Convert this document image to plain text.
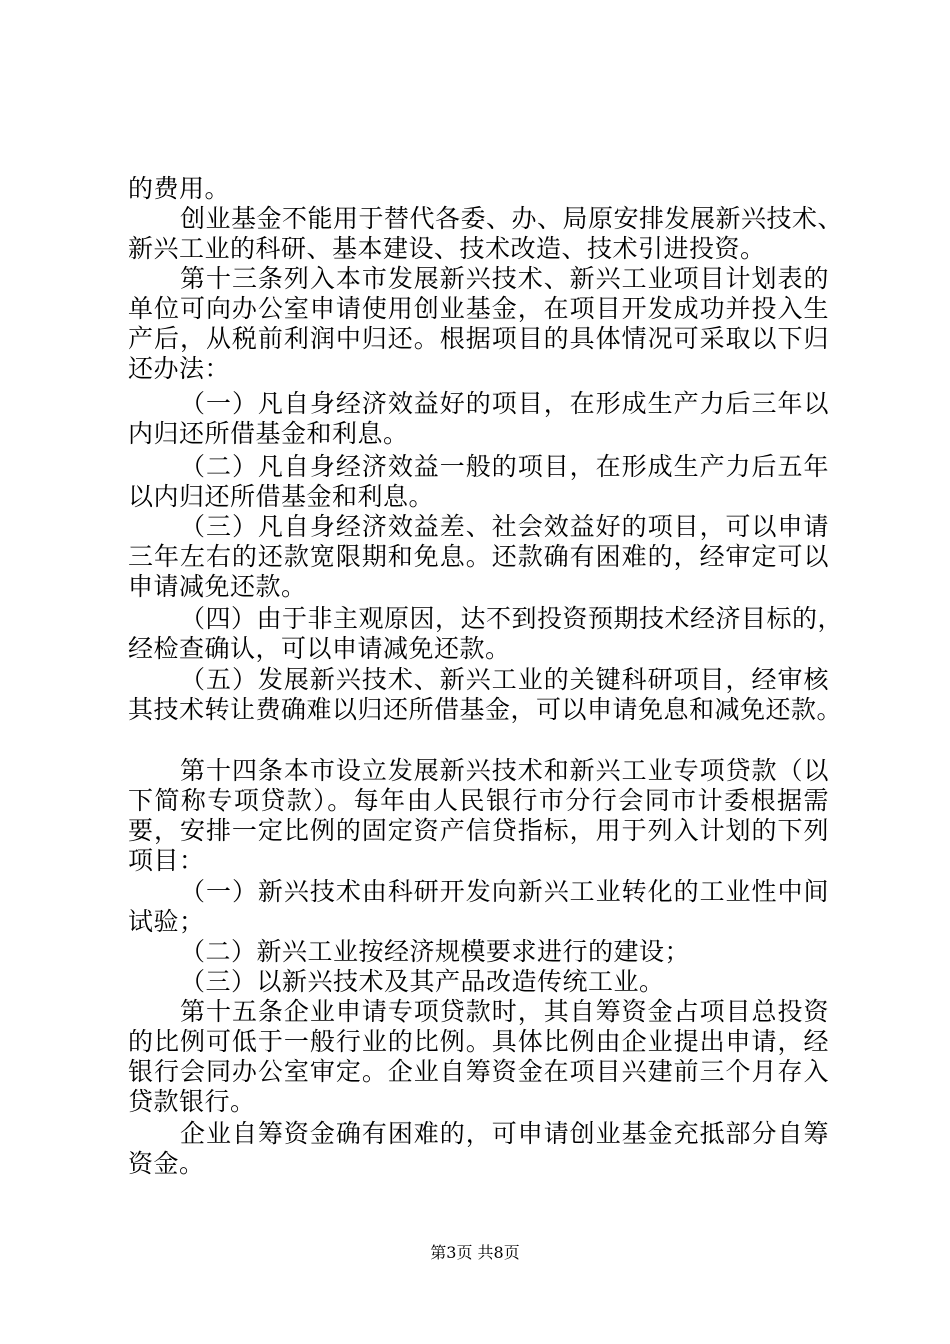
的费用。
创业基金不能用于替代各委、办、局原安排发展新兴技术、
新兴工业的科研、基本建设、技术改造、技术引进投资。
第十三条列入本市发展新兴技术、新兴工业项目计划表的
单位可向办公室申请使用创业基金，在项目开发成功并投入生
产后，从税前利润中归还。根据项目的具体情况可采取以下归
还办法：
（一）凡自身经济效益好的项目，在形成生产力后三年以
内归还所借基金和利息。
（二）凡自身经济效益一般的项目，在形成生产力后五年
以内归还所借基金和利息。
（三）凡自身经济效益差、社会效益好的项目，可以申请
三年左右的还款宽限期和免息。还款确有困难的，经审定可以
申请减免还款。
（四）由于非主观原因，达不到投资预期技术经济目标的，
经检查确认，可以申请减免还款。
（五）发展新兴技术、新兴工业的关键科研项目，经审核
其技术转让费确难以归还所借基金，可以申请免息和减免还款。
第十四条本市设立发展新兴技术和新兴工业专项贷款（以
下简称专项贷款）。每年由人民银行市分行会同市计委根据需
要，安排一定比例的固定资产信贷指标，用于列入计划的下列
项目：
（一）新兴技术由科研开发向新兴工业转化的工业性中间
试验；
（二）新兴工业按经济规模要求进行的建设；
（三）以新兴技术及其产品改造传统工业。
第十五条企业申请专项贷款时，其自筹资金占项目总投资
的比例可低于一般行业的比例。具体比例由企业提出申请，经
银行会同办公室审定。企业自筹资金在项目兴建前三个月存入
贷款银行。
企业自筹资金确有困难的，可申请创业基金充抵部分自筹
资金。
第3页 共8页
